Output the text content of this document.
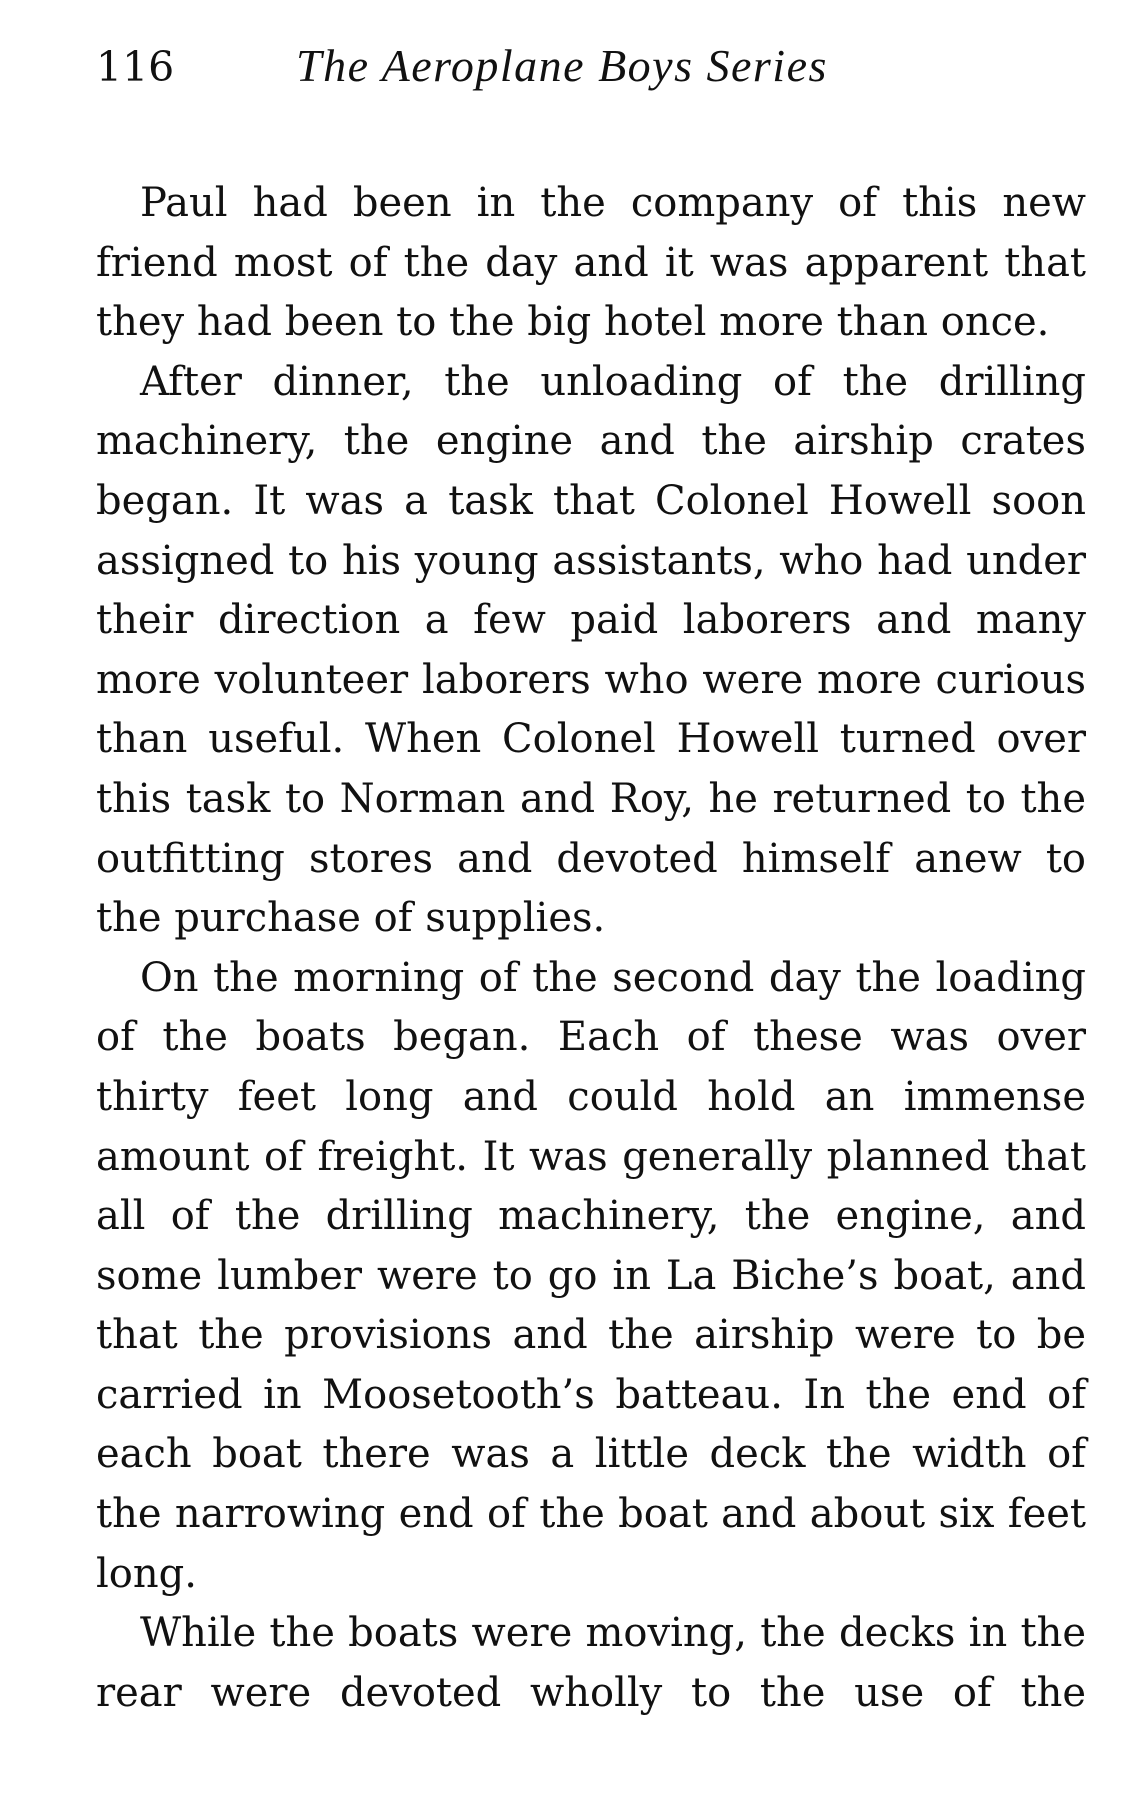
116	The Aeroplane Boys Series

Paul had been in the company of this new friend most of the day and it was apparent that they had been to the big hotel more than once.

After dinner, the unloading of the drilling machinery, the engine and the airship crates began. It was a task that Colonel Howell soon assigned to his young assistants, who had under their direction a few paid laborers and many more volunteer laborers who were more curious than useful. When Colonel Howell turned over this task to Norman and Roy, he returned to the outfitting stores and devoted himself anew to the purchase of supplies.

On the morning of the second day the loading of the boats began. Each of these was over thirty feet long and could hold an immense amount of freight. It was generally planned that all of the drilling machinery, the engine, and some lumber were to go in La Biche’s boat, and that the provisions and the airship were to be carried in Moosetooth’s batteau. In the end of each boat there was a little deck the width of the narrowing end of the boat and about six feet long.

While the boats were moving, the decks in the rear were devoted wholly to the use of the
